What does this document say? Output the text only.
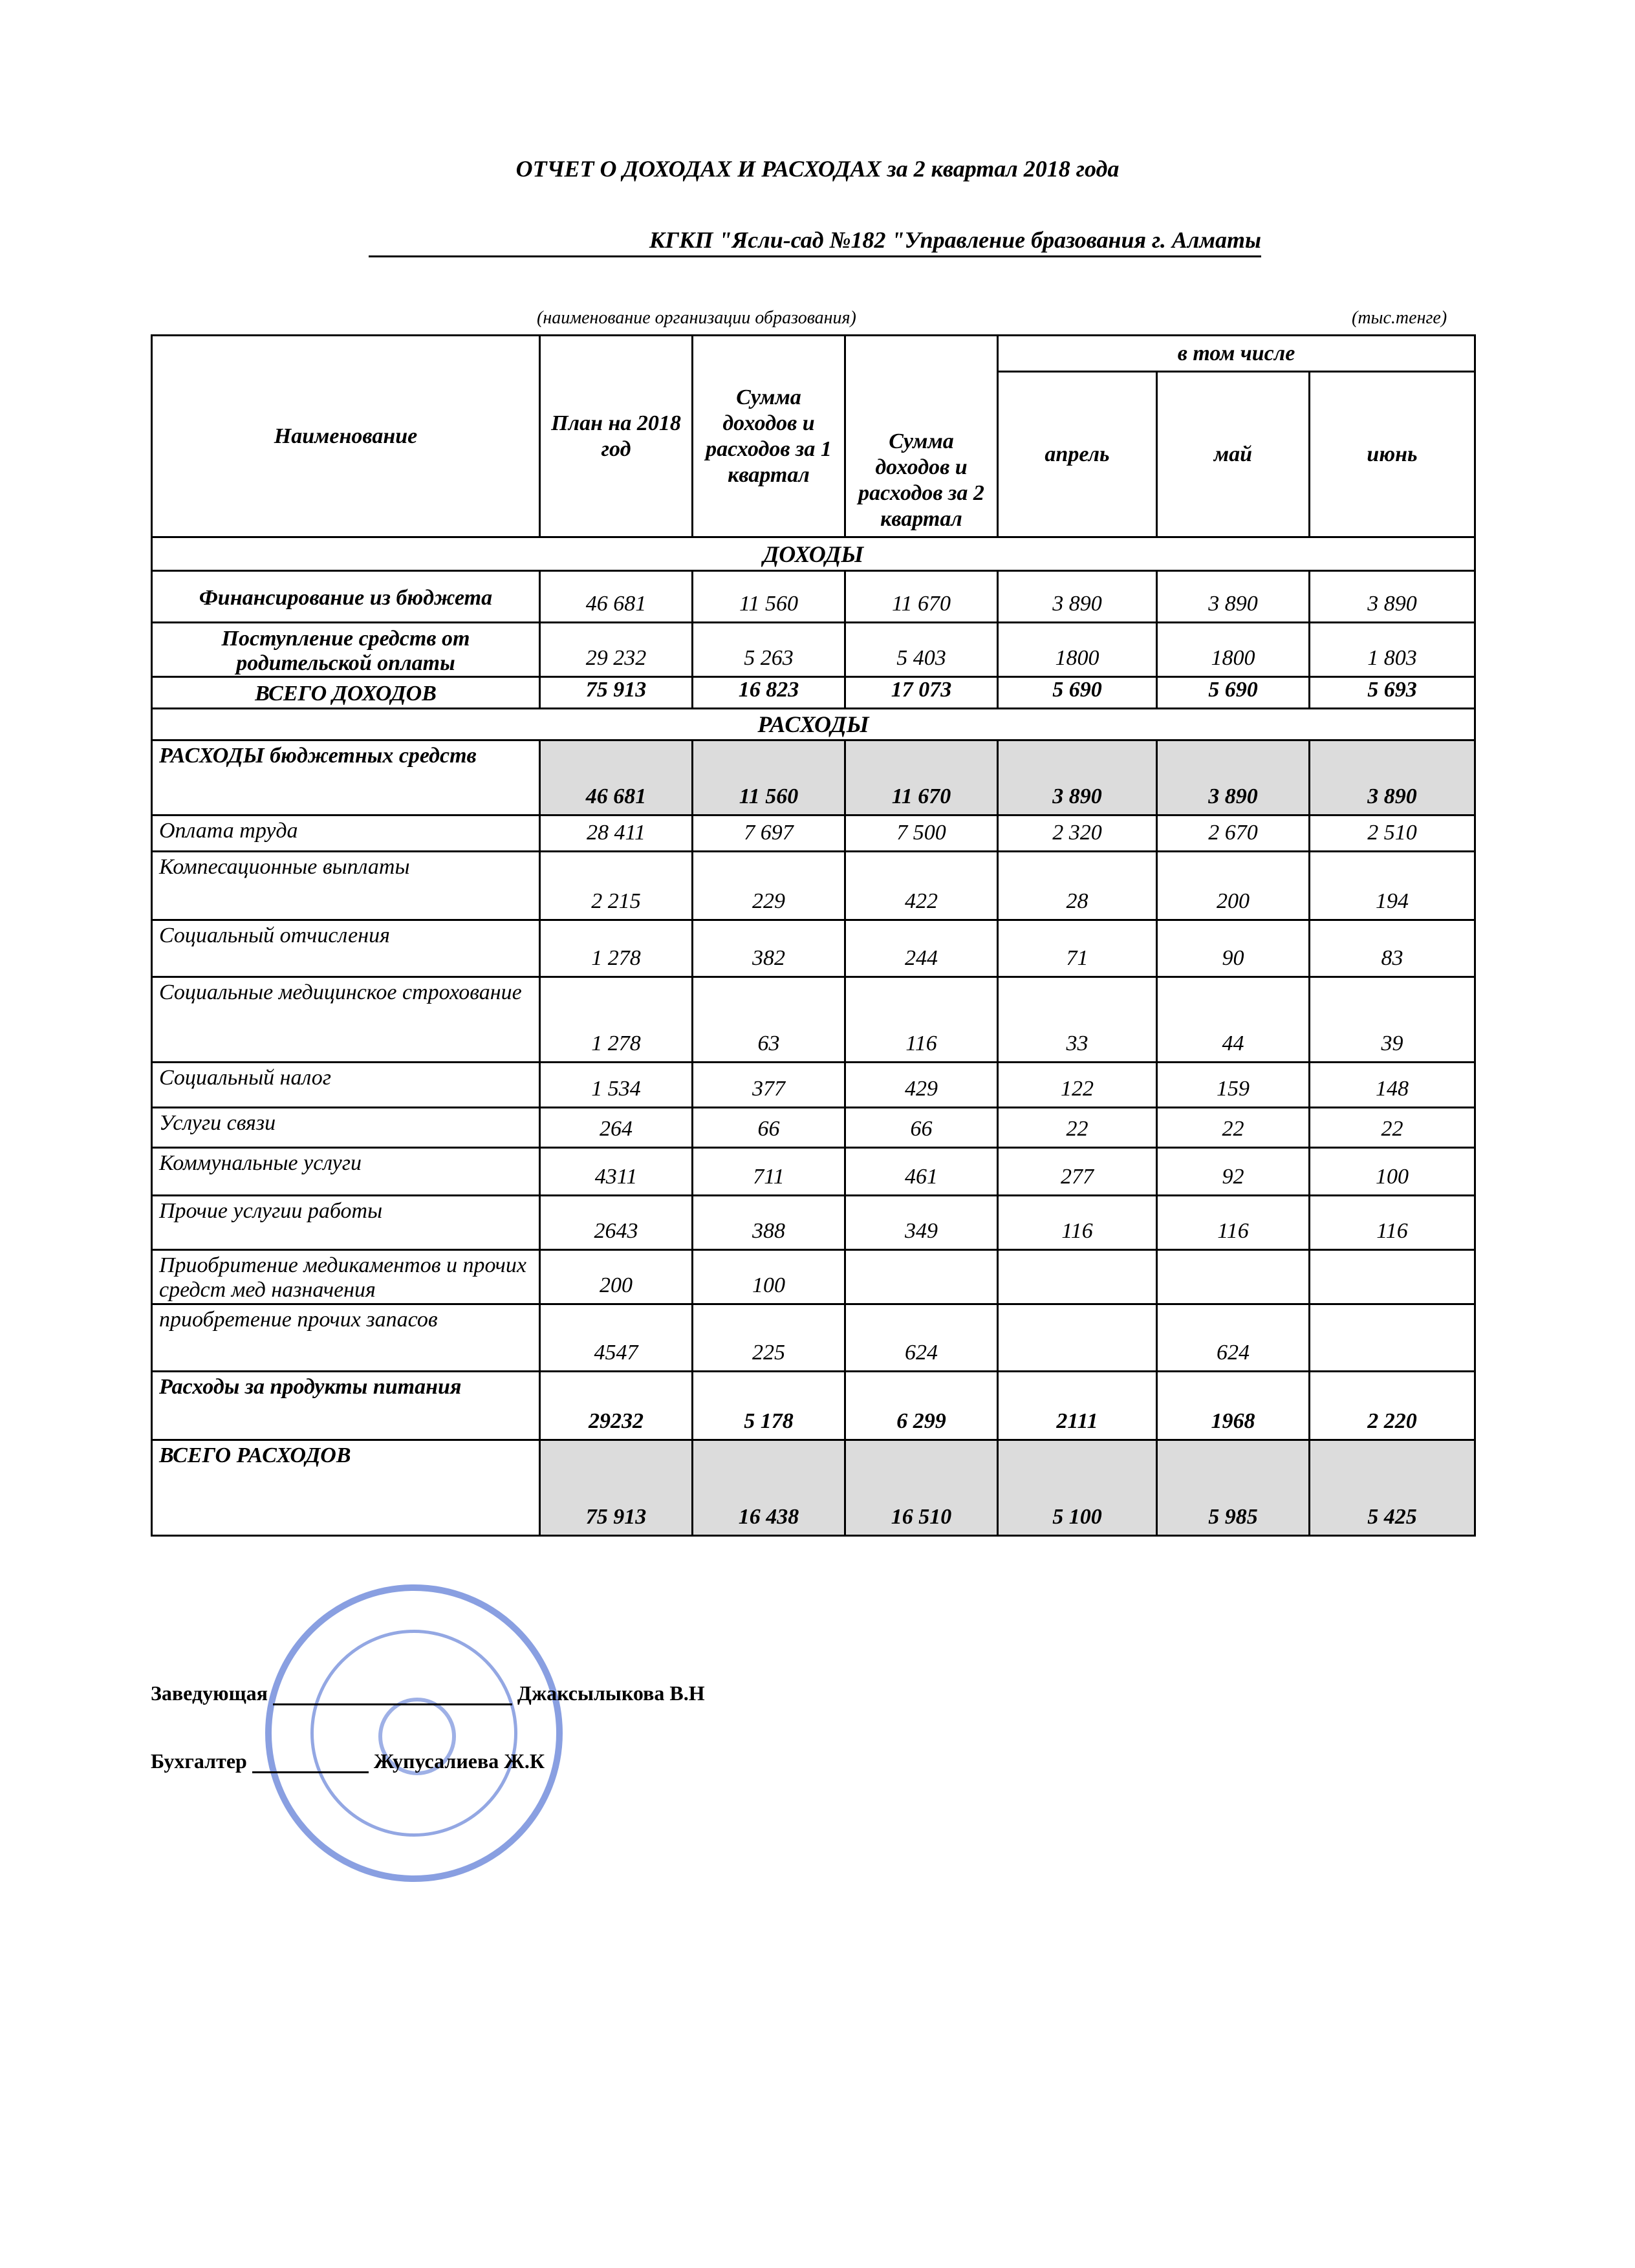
ОТЧЕТ О ДОХОДАХ И РАСХОДАХ за 2 квартал 2018 года
КГКП "Ясли-сад №182 "Управление бразования г. Алматы
(наименование организации образования)	(тыс.тенге)
Наименование	План на 2018 год	Сумма доходов и расходов за 1 квартал	Сумма доходов и расходов за 2 квартал	в том числе		
				апрель	май	июнь
ДОХОДЫ						
Финансирование из бюджета	46 681	11 560	11 670	3 890	3 890	3 890
Поступление средств от родительской оплаты	29 232	5 263	5 403	1800	1800	1 803
ВСЕГО ДОХОДОВ	75 913	16 823	17 073	5 690	5 690	5 693
РАСХОДЫ						
РАСХОДЫ бюджетных средств	46 681	11 560	11 670	3 890	3 890	3 890
Оплата труда	28 411	7 697	7 500	2 320	2 670	2 510
Компесационные выплаты	2 215	229	422	28	200	194
Социальный отчисления	1 278	382	244	71	90	83
Социальные медицинское строхование	1 278	63	116	33	44	39
Социальный налог	1 534	377	429	122	159	148
Услуги связи	264	66	66	22	22	22
Коммунальные услуги	4311	711	461	277	92	100
Прочие услугии работы	2643	388	349	116	116	116
Приобритение медикаментов и прочих средст мед назначения	200	100				
приобретение прочих запасов	4547	225	624		624	
Расходы за продукты питания	29232	5 178	6 299	2111	1968	2 220
ВСЕГО РАСХОДОВ	75 913	16 438	16 510	5 100	5 985	5 425
Заведующая	Джаксылыкова В.Н
Бухгалтер	Жупусалиева Ж.К
